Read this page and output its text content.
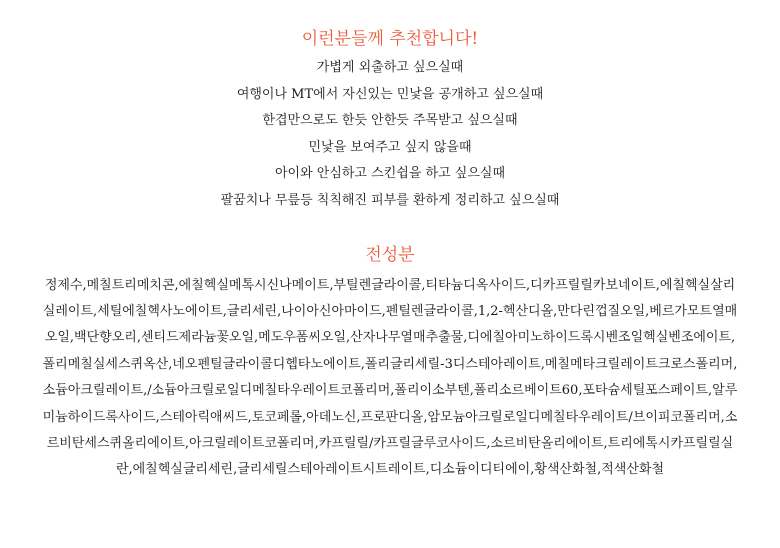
이런분들께 추천합니다!
가볍게 외출하고 싶으실때
여행이나 MT에서 자신있는 민낯을 공개하고 싶으실때
한겹만으로도 한듯 안한듯 주목받고 싶으실때
민낯을 보여주고 싶지 않을때
아이와 안심하고 스킨쉽을 하고 싶으실때
팔꿈치나 무릎등 칙칙해진 피부를 환하게 정리하고 싶으실때
전성분

정제수,메칠트리메치콘,에칠헥실메톡시신나메이트,부틸렌글라이콜,티타늄디옥사이드,디카프릴릴카보네이트,에칠헥실살리실레이트,세틸에칠헥사노에이트,글리세린,나이아신아마이드,펜틸렌글라이콜,1,2-헥산디올,만다린껍질오일,베르가모트열매오일,백단향오리,센티드제라늄꽃오일,메도우폼씨오일,산자나무열매추출물,디에칠아미노하이드록시벤조일헥실벤조에이트,폴리메칠실세스퀴옥산,네오펜틸글라이콜디헵타노에이트,폴리글리세릴-3디스테아레이트,메칠메타크릴레이트크로스폴리머,소듐아크릴레이트,/소듐아크릴로일디메칠타우레이트코폴리머,폴리이소부텐,폴리소르베이트60,포타슘세틸포스페이트,알루미늄하이드록사이드,스테아릭애씨드,토코페롤,아데노신,프로판디올,암모늄아크릴로일디메칠타우레이트/브이피코폴리머,소르비탄세스퀴올리에이트,아크릴레이트코폴리머,카프릴릴/카프릴글루코사이드,소르비탄올리에이트,트리에톡시카프릴릴실란,에칠헥실글리세린,글리세릴스테아레이트시트레이트,디소듐이디티에이,황색산화철,적색산화철
